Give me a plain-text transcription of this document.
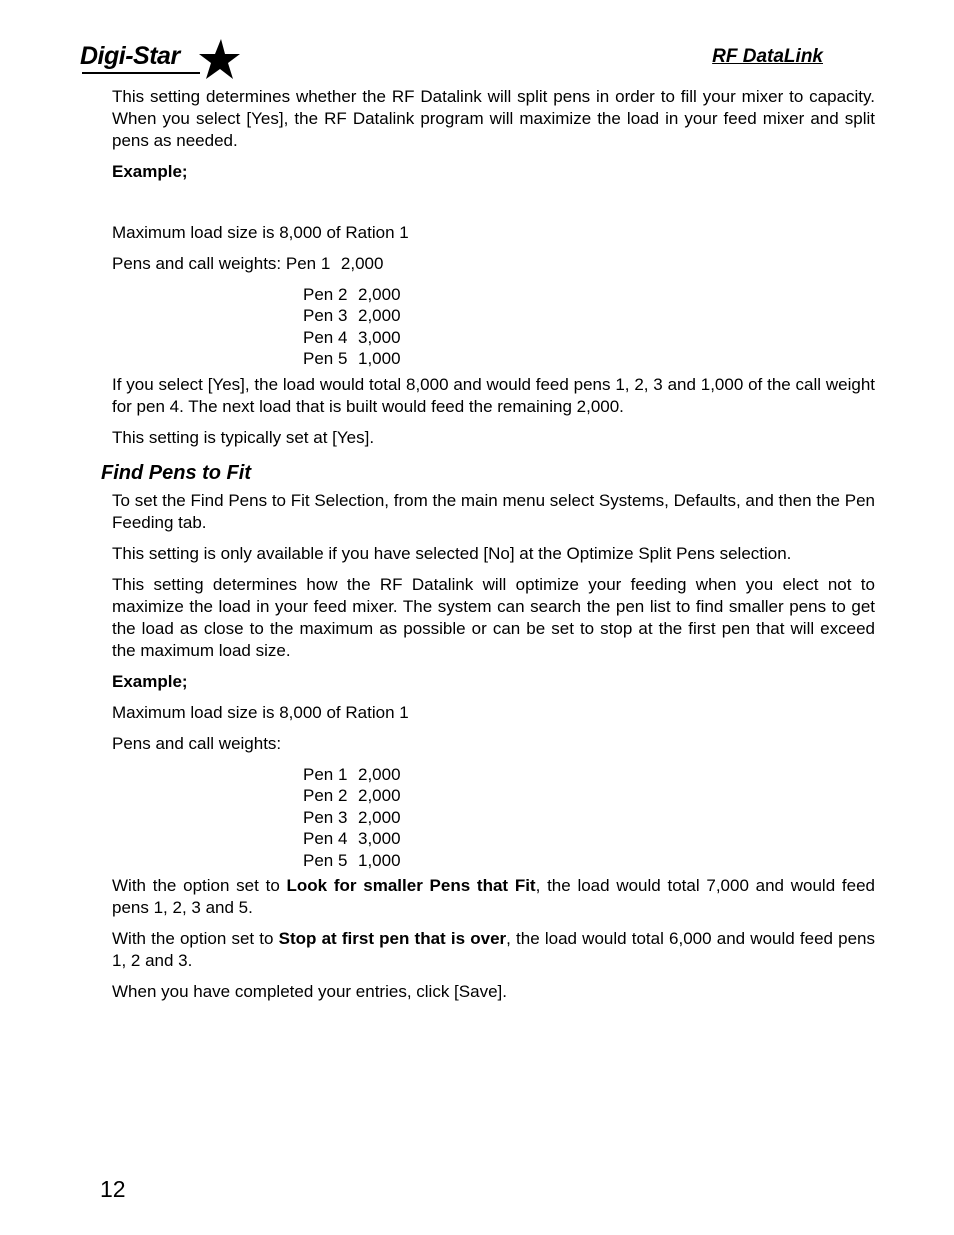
Digi-Star	RF DataLink

This setting determines whether the RF Datalink will split pens in order to fill your mixer to capacity. When you select [Yes], the RF Datalink program will maximize the load in your feed mixer and split pens as needed.

Example;

Maximum load size is 8,000 of Ration 1

Pens and call weights: Pen 1 2,000
Pen 2 2,000
Pen 3 2,000
Pen 4 3,000
Pen 5 1,000

If you select [Yes], the load would total 8,000 and would feed pens 1, 2, 3 and 1,000 of the call weight for pen 4. The next load that is built would feed the remaining 2,000.

This setting is typically set at [Yes].

Find Pens to Fit

To set the Find Pens to Fit Selection, from the main menu select Systems, Defaults, and then the Pen Feeding tab.

This setting is only available if you have selected [No] at the Optimize Split Pens selection.

This setting determines how the RF Datalink will optimize your feeding when you elect not to maximize the load in your feed mixer. The system can search the pen list to find smaller pens to get the load as close to the maximum as possible or can be set to stop at the first pen that will exceed the maximum load size.

Example;

Maximum load size is 8,000 of Ration 1

Pens and call weights:

Pen 1 2,000
Pen 2 2,000
Pen 3 2,000
Pen 4 3,000
Pen 5 1,000

With the option set to Look for smaller Pens that Fit, the load would total 7,000 and would feed pens 1, 2, 3 and 5.

With the option set to Stop at first pen that is over, the load would total 6,000 and would feed pens 1, 2 and 3.

When you have completed your entries, click [Save].

12
